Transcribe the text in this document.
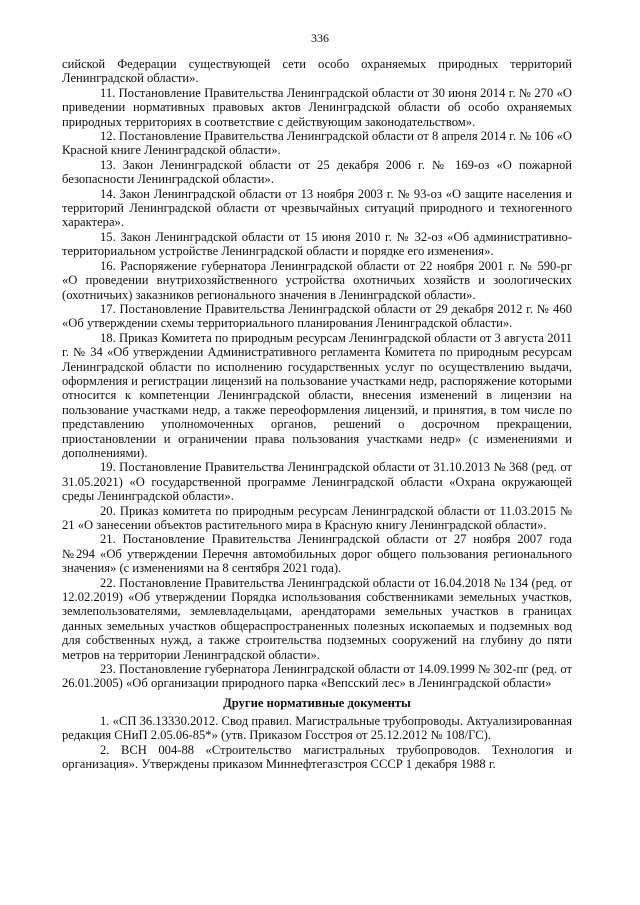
336

сийской Федерации существующей сети особо охраняемых природных территорий Ленинградской области».

11. Постановление Правительства Ленинградской области от 30 июня 2014 г. № 270 «О приведении нормативных правовых актов Ленинградской области об особо охраняемых природных территориях в соответствие с действующим законодательством».

12. Постановление Правительства Ленинградской области от 8 апреля 2014 г. № 106 «О Красной книге Ленинградской области».

13. Закон Ленинградской области от 25 декабря 2006 г. № 169-оз «О пожарной безопасности Ленинградской области».

14. Закон Ленинградской области от 13 ноября 2003 г. № 93-оз «О защите населения и территорий Ленинградской области от чрезвычайных ситуаций природного и техногенного характера».

15. Закон Ленинградской области от 15 июня 2010 г. № 32-оз «Об административно-территориальном устройстве Ленинградской области и порядке его изменения».

16. Распоряжение губернатора Ленинградской области от 22 ноября 2001 г. № 590-рг «О проведении внутрихозяйственного устройства охотничьих хозяйств и зоологических (охотничьих) заказников регионального значения в Ленинградской области».

17. Постановление Правительства Ленинградской области от 29 декабря 2012 г. № 460 «Об утверждении схемы территориального планирования Ленинградской области».

18. Приказ Комитета по природным ресурсам Ленинградской области от 3 августа 2011 г. № 34 «Об утверждении Административного регламента Комитета по природным ресурсам Ленинградской области по исполнению государственных услуг по осуществлению выдачи, оформления и регистрации лицензий на пользование участками недр, распоряжение которыми относится к компетенции Ленинградской области, внесения изменений в лицензии на пользование участками недр, а также переоформления лицензий, и принятия, в том числе по представлению уполномоченных органов, решений о досрочном прекращении, приостановлении и ограничении права пользования участками недр» (с изменениями и дополнениями).

19. Постановление Правительства Ленинградской области от 31.10.2013 № 368 (ред. от 31.05.2021) «О государственной программе Ленинградской области «Охрана окружающей среды Ленинградской области».

20. Приказ комитета по природным ресурсам Ленинградской области от 11.03.2015 № 21 «О занесении объектов растительного мира в Красную книгу Ленинградской области».

21. Постановление Правительства Ленинградской области от 27 ноября 2007 года №294 «Об утверждении Перечня автомобильных дорог общего пользования регионального значения» (с изменениями на 8 сентября 2021 года).

22. Постановление Правительства Ленинградской области от 16.04.2018 № 134 (ред. от 12.02.2019) «Об утверждении Порядка использования собственниками земельных участков, землепользователями, землевладельцами, арендаторами земельных участков в границах данных земельных участков общераспространенных полезных ископаемых и подземных вод для собственных нужд, а также строительства подземных сооружений на глубину до пяти метров на территории Ленинградской области».

23. Постановление губернатора Ленинградской области от 14.09.1999 № 302-пг (ред. от 26.01.2005) «Об организации природного парка «Вепсский лес» в Ленинградской области»

Другие нормативные документы

1. «СП 36.13330.2012. Свод правил. Магистральные трубопроводы. Актуализированная редакция СНиП 2.05.06-85*» (утв. Приказом Госстроя от 25.12.2012 № 108/ГС).

2. ВСН 004-88 «Строительство магистральных трубопроводов. Технология и организация». Утверждены приказом Миннефтегазстроя СССР 1 декабря 1988 г.
